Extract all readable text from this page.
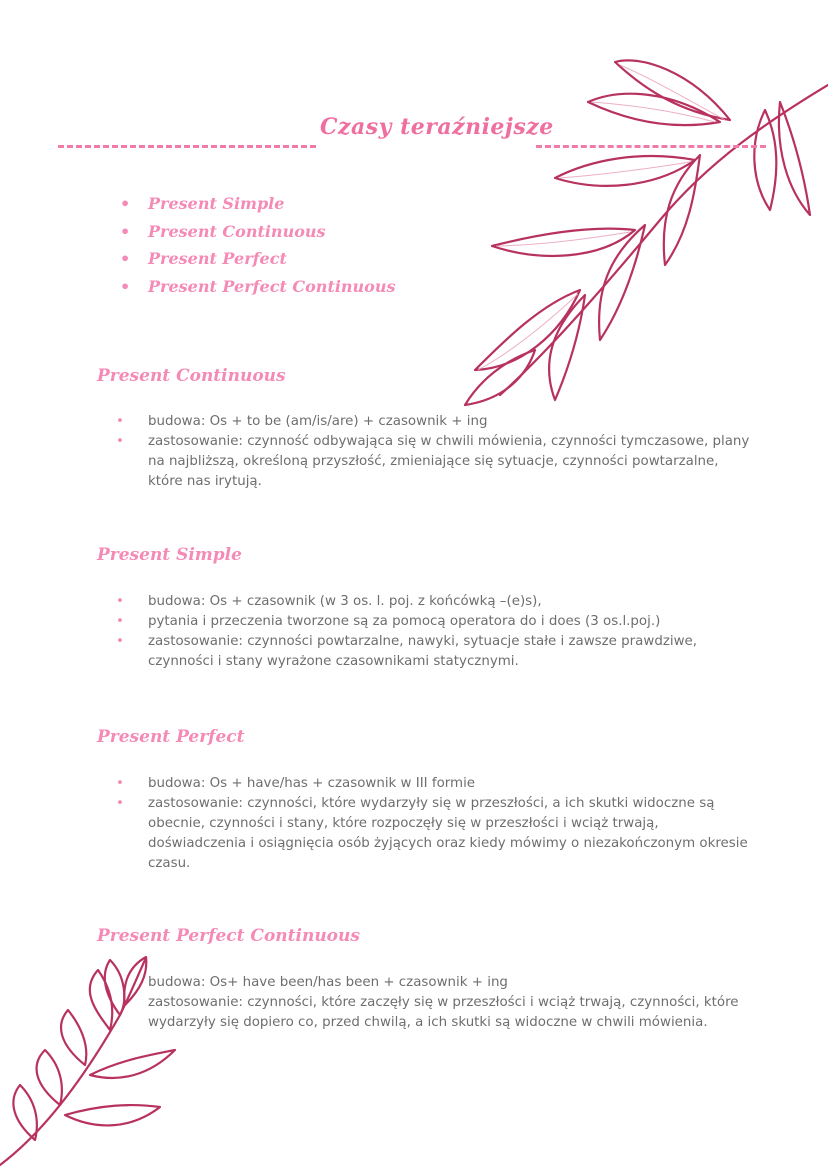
Czasy teraźniejsze
• Present Simple
• Present Continuous
• Present Perfect
• Present Perfect Continuous
Present Continuous
• budowa: Os + to be (am/is/are) + czasownik + ing
• zastosowanie: czynność odbywająca się w chwili mówienia, czynności tymczasowe, plany na najbliższą, określoną przyszłość, zmieniające się sytuacje, czynności powtarzalne, które nas irytują.
Present Simple
• budowa: Os + czasownik (w 3 os. l. poj. z końcówką –(e)s),
• pytania i przeczenia tworzone są za pomocą operatora do i does (3 os.l.poj.)
• zastosowanie: czynności powtarzalne, nawyki, sytuacje stałe i zawsze prawdziwe, czynności i stany wyrażone czasownikami statycznymi.
Present Perfect
• budowa: Os + have/has + czasownik w III formie
• zastosowanie: czynności, które wydarzyły się w przeszłości, a ich skutki widoczne są obecnie, czynności i stany, które rozpoczęły się w przeszłości i wciąż trwają, doświadczenia i osiągnięcia osób żyjących oraz kiedy mówimy o niezakończonym okresie czasu.
Present Perfect Continuous
budowa: Os+ have been/has been + czasownik + ing
zastosowanie: czynności, które zaczęły się w przeszłości i wciąż trwają, czynności, które wydarzyły się dopiero co, przed chwilą, a ich skutki są widoczne w chwili mówienia.
